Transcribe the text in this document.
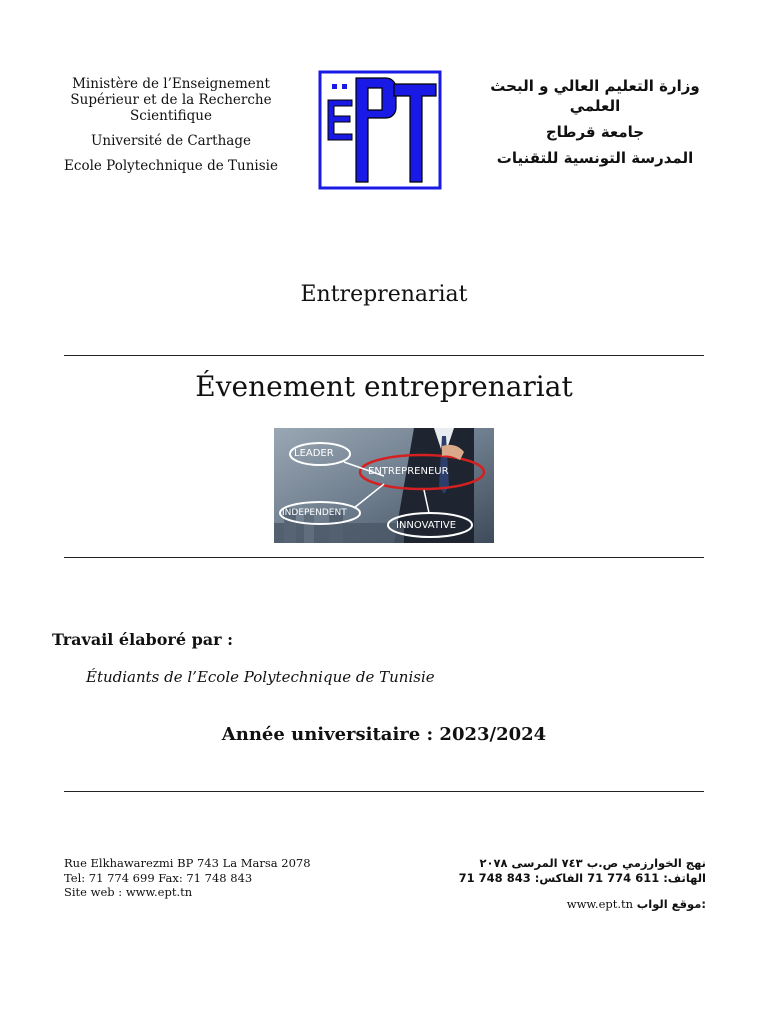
Ministère de l’Enseignement Supérieur et de la Recherche Scientifique

Université de Carthage

Ecole Polytechnique de Tunisie

وزارة التعليم العالي و البحث العلمي

جامعة قرطاج

المدرسة التونسية للتقنيات

Entreprenariat
Évenement entreprenariat
LEADER
ENTREPRENEUR
INDEPENDENT
INNOVATIVE
Travail élaboré par :
Étudiants de l’Ecole Polytechnique de Tunisie
Année universitaire : 2023/2024
Rue Elkhawarezmi BP 743 La Marsa 2078
Tel: 71 774 699 Fax: 71 748 843
Site web : www.ept.tn
نهج الخوارزمي ص.ب ٧٤٣ المرسى ٢٠٧٨
الهاتف: 611 774 71 الفاكس: 843 748 71
www.ept.tn موقع الواب:
